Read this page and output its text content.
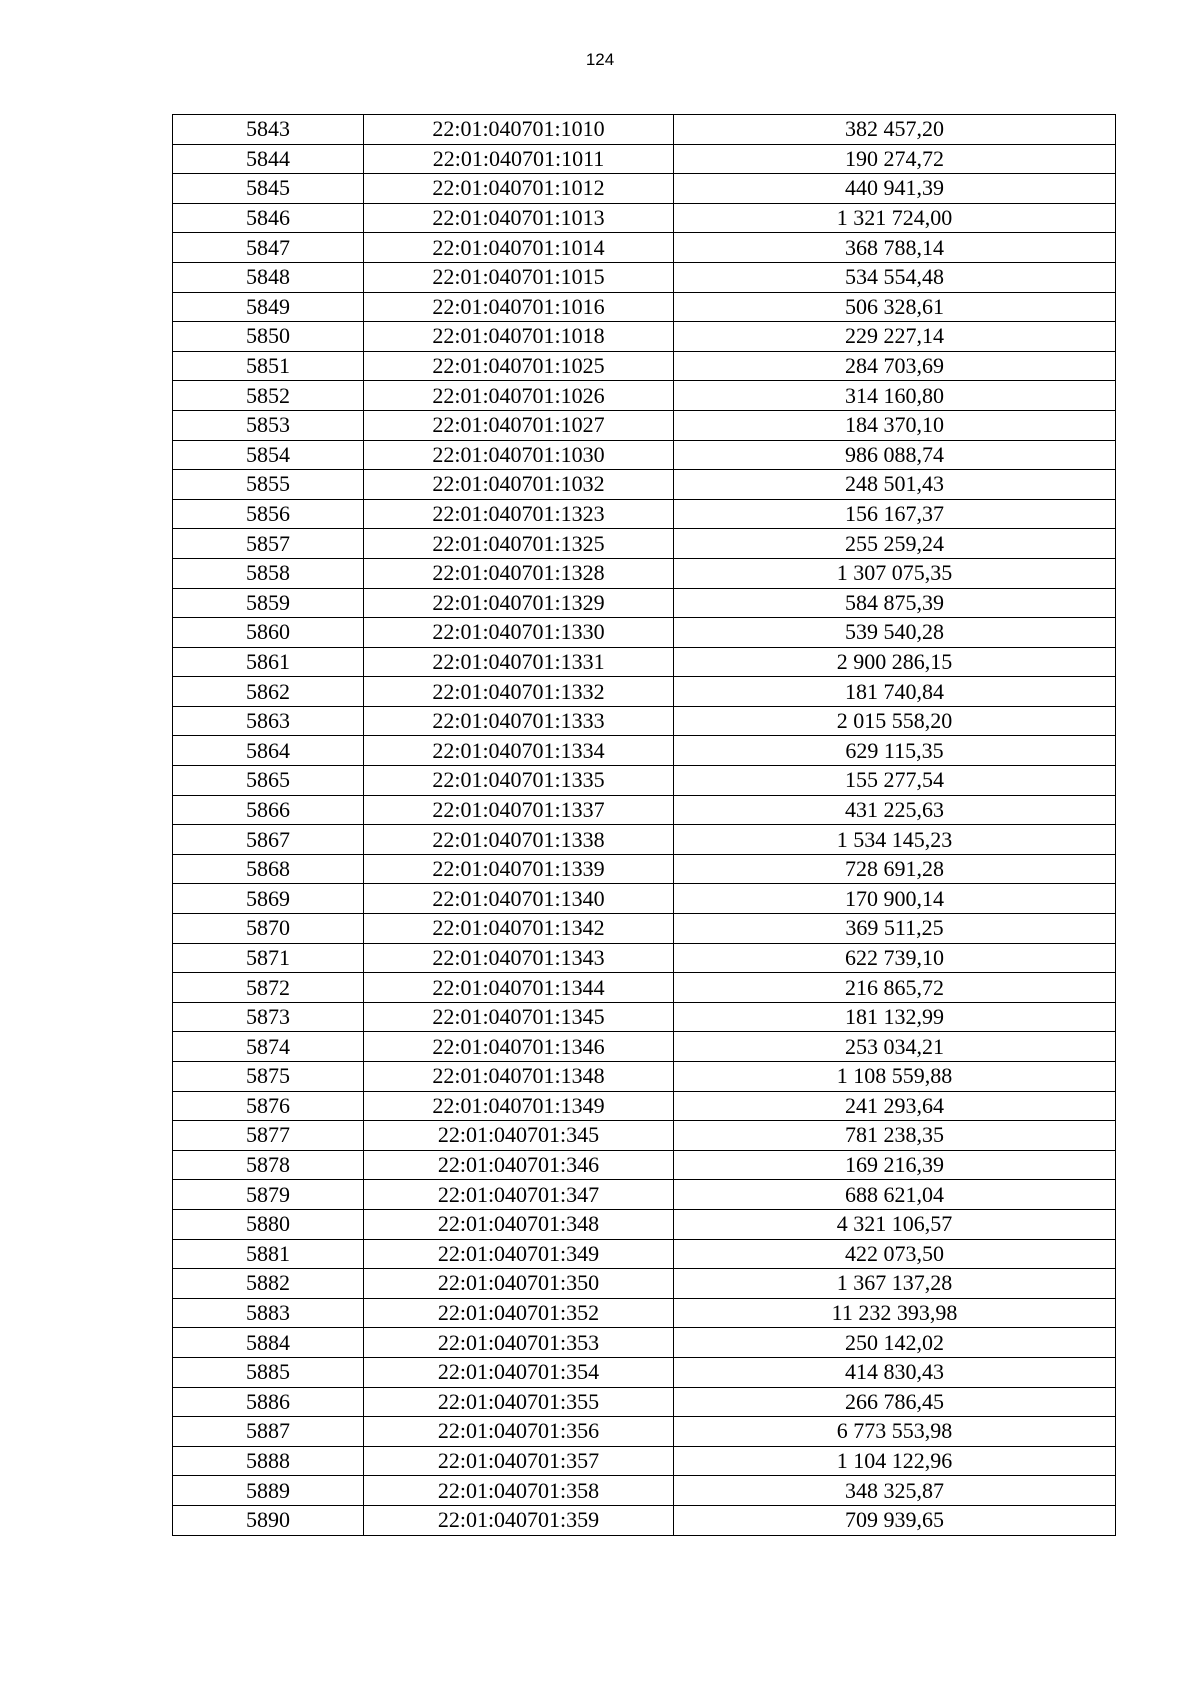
124
5843	22:01:040701:1010	382 457,20
5844	22:01:040701:1011	190 274,72
5845	22:01:040701:1012	440 941,39
5846	22:01:040701:1013	1 321 724,00
5847	22:01:040701:1014	368 788,14
5848	22:01:040701:1015	534 554,48
5849	22:01:040701:1016	506 328,61
5850	22:01:040701:1018	229 227,14
5851	22:01:040701:1025	284 703,69
5852	22:01:040701:1026	314 160,80
5853	22:01:040701:1027	184 370,10
5854	22:01:040701:1030	986 088,74
5855	22:01:040701:1032	248 501,43
5856	22:01:040701:1323	156 167,37
5857	22:01:040701:1325	255 259,24
5858	22:01:040701:1328	1 307 075,35
5859	22:01:040701:1329	584 875,39
5860	22:01:040701:1330	539 540,28
5861	22:01:040701:1331	2 900 286,15
5862	22:01:040701:1332	181 740,84
5863	22:01:040701:1333	2 015 558,20
5864	22:01:040701:1334	629 115,35
5865	22:01:040701:1335	155 277,54
5866	22:01:040701:1337	431 225,63
5867	22:01:040701:1338	1 534 145,23
5868	22:01:040701:1339	728 691,28
5869	22:01:040701:1340	170 900,14
5870	22:01:040701:1342	369 511,25
5871	22:01:040701:1343	622 739,10
5872	22:01:040701:1344	216 865,72
5873	22:01:040701:1345	181 132,99
5874	22:01:040701:1346	253 034,21
5875	22:01:040701:1348	1 108 559,88
5876	22:01:040701:1349	241 293,64
5877	22:01:040701:345	781 238,35
5878	22:01:040701:346	169 216,39
5879	22:01:040701:347	688 621,04
5880	22:01:040701:348	4 321 106,57
5881	22:01:040701:349	422 073,50
5882	22:01:040701:350	1 367 137,28
5883	22:01:040701:352	11 232 393,98
5884	22:01:040701:353	250 142,02
5885	22:01:040701:354	414 830,43
5886	22:01:040701:355	266 786,45
5887	22:01:040701:356	6 773 553,98
5888	22:01:040701:357	1 104 122,96
5889	22:01:040701:358	348 325,87
5890	22:01:040701:359	709 939,65
